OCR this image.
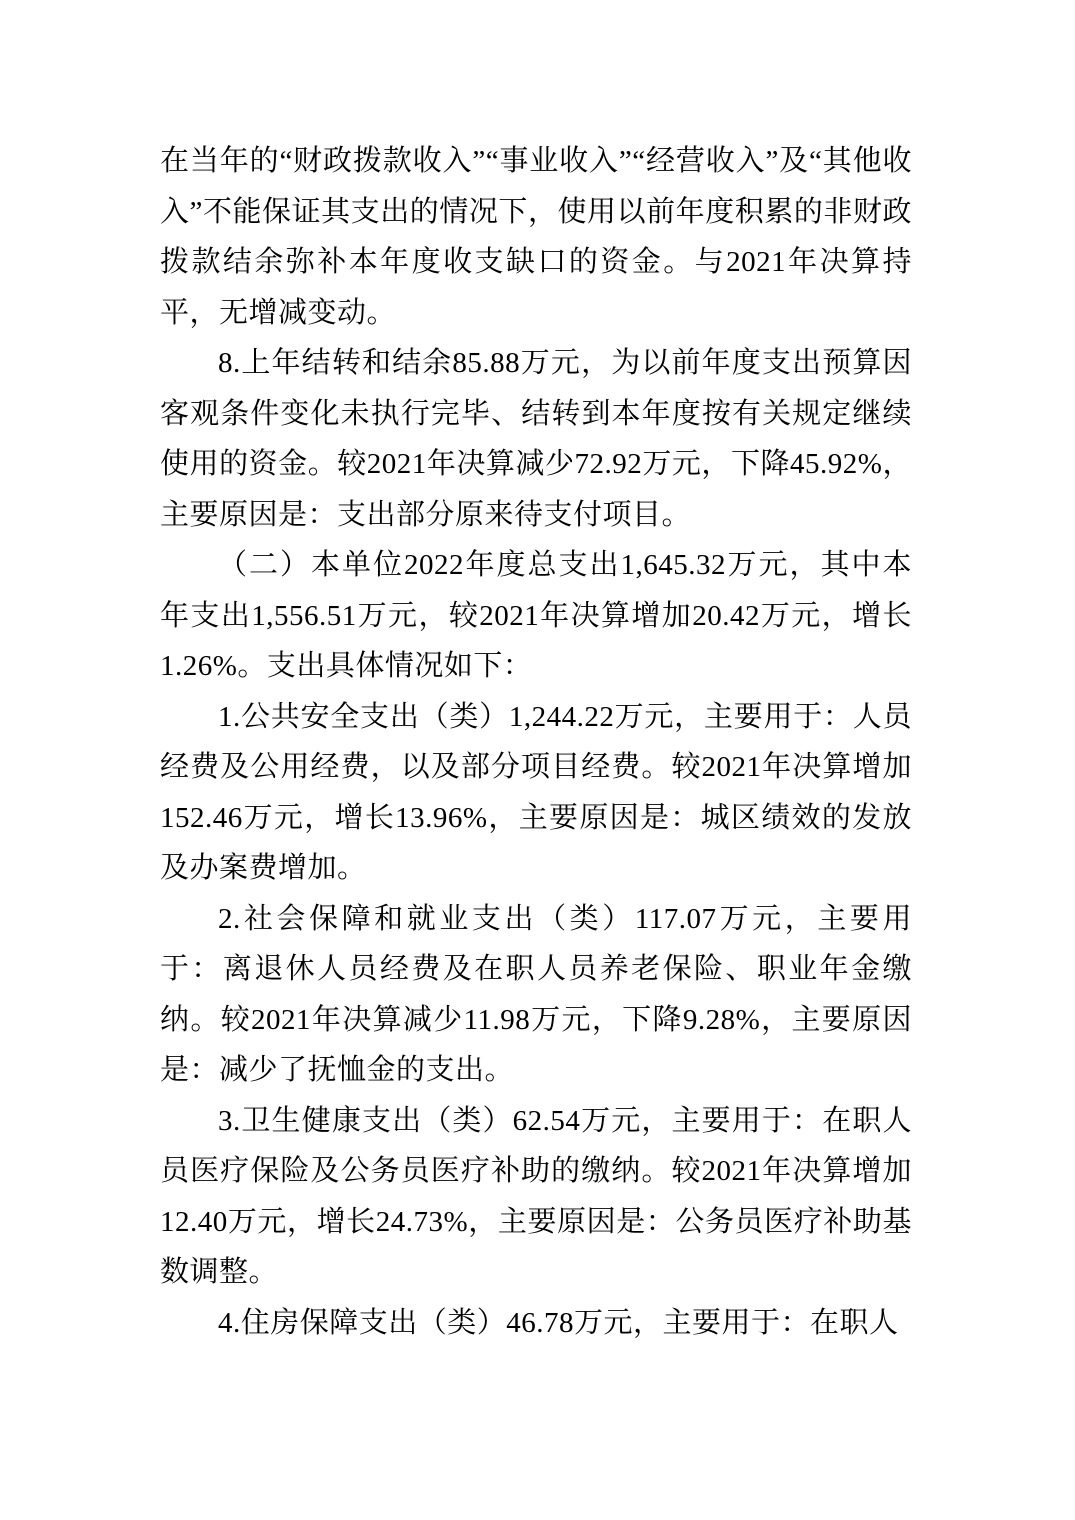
在当年的“财政拨款收入”“事业收入”“经营收入”及“其他收入”不能保证其支出的情况下，使用以前年度积累的非财政拨款结余弥补本年度收支缺口的资金。与2021年决算持平，无增减变动。

8.上年结转和结余85.88万元，为以前年度支出预算因客观条件变化未执行完毕、结转到本年度按有关规定继续使用的资金。较2021年决算减少72.92万元，下降45.92%，主要原因是：支出部分原来待支付项目。

（二）本单位2022年度总支出1,645.32万元，其中本年支出1,556.51万元，较2021年决算增加20.42万元，增长1.26%。支出具体情况如下：

1.公共安全支出（类）1,244.22万元，主要用于：人员经费及公用经费，以及部分项目经费。较2021年决算增加152.46万元，增长13.96%，主要原因是：城区绩效的发放及办案费增加。

2.社会保障和就业支出（类）117.07万元，主要用于：离退休人员经费及在职人员养老保险、职业年金缴纳。较2021年决算减少11.98万元，下降9.28%，主要原因是：减少了抚恤金的支出。

3.卫生健康支出（类）62.54万元，主要用于：在职人员医疗保险及公务员医疗补助的缴纳。较2021年决算增加12.40万元，增长24.73%，主要原因是：公务员医疗补助基数调整。

4.住房保障支出（类）46.78万元，主要用于：在职人
